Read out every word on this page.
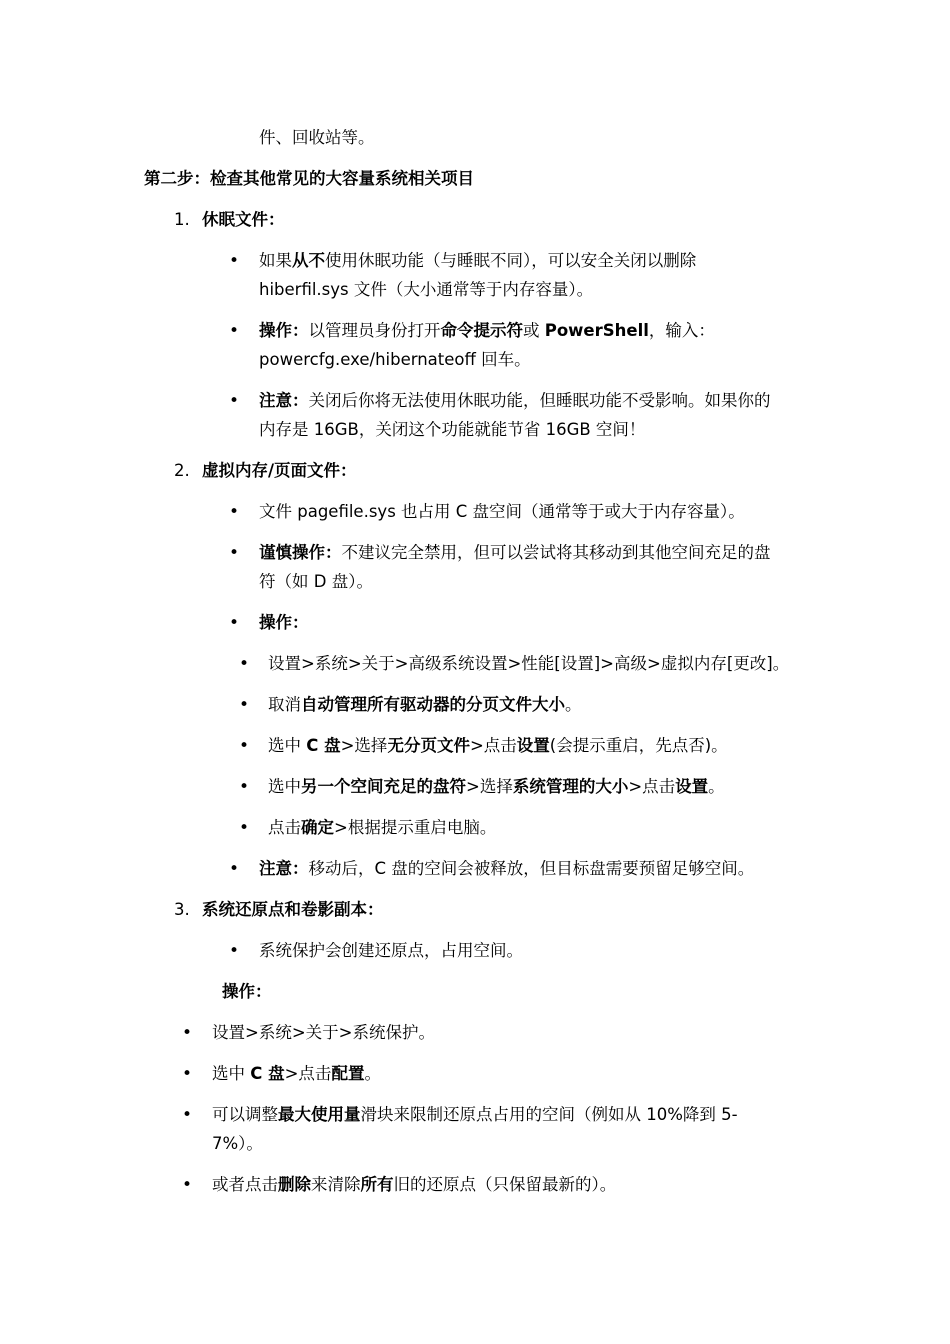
件、回收站等。
第二步：检查其他常见的大容量系统相关项目
1. 休眠文件：
• 如果从不使用休眠功能（与睡眠不同），可以安全关闭以删除
hiberfil.sys 文件（大小通常等于内存容量）。
• 操作：以管理员身份打开命令提示符或 PowerShell，输入：
powercfg.exe/hibernateoff 回车。
• 注意：关闭后你将无法使用休眠功能，但睡眠功能不受影响。如果你的
内存是 16GB，关闭这个功能就能节省 16GB 空间！
2. 虚拟内存/页面文件：
• 文件 pagefile.sys 也占用 C 盘空间（通常等于或大于内存容量）。
• 谨慎操作：不建议完全禁用，但可以尝试将其移动到其他空间充足的盘
符（如 D 盘）。
• 操作：
• 设置>系统>关于>高级系统设置>性能[设置]>高级>虚拟内存[更改]。
• 取消自动管理所有驱动器的分页文件大小。
• 选中 C 盘>选择无分页文件>点击设置(会提示重启，先点否)。
• 选中另一个空间充足的盘符>选择系统管理的大小>点击设置。
• 点击确定>根据提示重启电脑。
• 注意：移动后，C 盘的空间会被释放，但目标盘需要预留足够空间。
3. 系统还原点和卷影副本：
• 系统保护会创建还原点，占用空间。
操作：
• 设置>系统>关于>系统保护。
• 选中 C 盘>点击配置。
• 可以调整最大使用量滑块来限制还原点占用的空间（例如从 10%降到 5-
7%）。
• 或者点击删除来清除所有旧的还原点（只保留最新的）。
